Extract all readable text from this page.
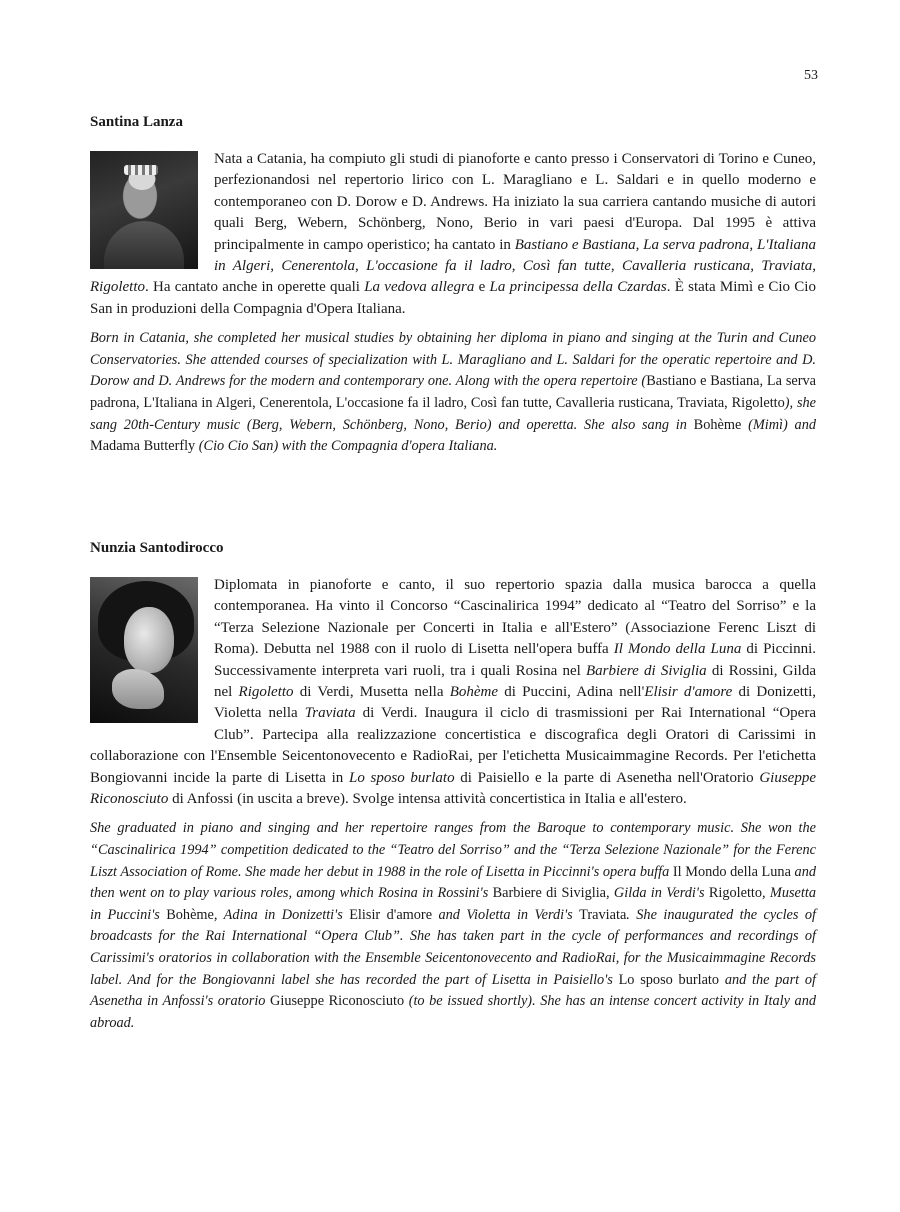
53
Santina Lanza

Nata a Catania, ha compiuto gli studi di pianoforte e canto presso i Conservatori di Torino e Cuneo, perfezionandosi nel repertorio lirico con L. Maragliano e L. Saldari e in quello moderno e contemporaneo con D. Dorow e D. Andrews. Ha iniziato la sua carriera cantando musiche di autori quali Berg, Webern, Schönberg, Nono, Berio in vari paesi d'Europa. Dal 1995 è attiva principalmente in campo operistico; ha cantato in Bastiano e Bastiana, La serva padrona, L'Italiana in Algeri, Cenerentola, L'occasione fa il ladro, Così fan tutte, Cavalleria rusticana, Traviata, Rigoletto. Ha cantato anche in operette quali La vedova allegra e La principessa della Czardas. È stata Mimì e Cio Cio San in produzioni della Compagnia d'Opera Italiana.

Born in Catania, she completed her musical studies by obtaining her diploma in piano and singing at the Turin and Cuneo Conservatories. She attended courses of specialization with L. Maragliano and L. Saldari for the operatic repertoire and D. Dorow and D. Andrews for the modern and contemporary one. Along with the opera repertoire (Bastiano e Bastiana, La serva padrona, L'Italiana in Algeri, Cenerentola, L'occasione fa il ladro, Così fan tutte, Cavalleria rusticana, Traviata, Rigoletto), she sang 20th-Century music (Berg, Webern, Schönberg, Nono, Berio) and operetta. She also sang in Bohème (Mimì) and Madama Butterfly (Cio Cio San) with the Compagnia d'opera Italiana.

Nunzia Santodirocco

Diplomata in pianoforte e canto, il suo repertorio spazia dalla musica barocca a quella contemporanea. Ha vinto il Concorso “Cascinalirica 1994” dedicato al “Teatro del Sorriso” e la “Terza Selezione Nazionale per Concerti in Italia e all'Estero” (Associazione Ferenc Liszt di Roma). Debutta nel 1988 con il ruolo di Lisetta nell'opera buffa Il Mondo della Luna di Piccinni. Successivamente interpreta vari ruoli, tra i quali Rosina nel Barbiere di Siviglia di Rossini, Gilda nel Rigoletto di Verdi, Musetta nella Bohème di Puccini, Adina nell'Elisir d'amore di Donizetti, Violetta nella Traviata di Verdi. Inaugura il ciclo di trasmissioni per Rai International “Opera Club”. Partecipa alla realizzazione concertistica e discografica degli Oratori di Carissimi in collaborazione con l'Ensemble Seicentonovecento e RadioRai, per l'etichetta Musicaimmagine Records. Per l'etichetta Bongiovanni incide la parte di Lisetta in Lo sposo burlato di Paisiello e la parte di Asenetha nell'Oratorio Giuseppe Riconosciuto di Anfossi (in uscita a breve). Svolge intensa attività concertistica in Italia e all'estero.

She graduated in piano and singing and her repertoire ranges from the Baroque to contemporary music. She won the “Cascinalirica 1994” competition dedicated to the “Teatro del Sorriso” and the “Terza Selezione Nazionale” for the Ferenc Liszt Association of Rome. She made her debut in 1988 in the role of Lisetta in Piccinni's opera buffa Il Mondo della Luna and then went on to play various roles, among which Rosina in Rossini's Barbiere di Siviglia, Gilda in Verdi's Rigoletto, Musetta in Puccini's Bohème, Adina in Donizetti's Elisir d'amore and Violetta in Verdi's Traviata. She inaugurated the cycles of broadcasts for the Rai International “Opera Club”. She has taken part in the cycle of performances and recordings of Carissimi's oratorios in collaboration with the Ensemble Seicentonovecento and RadioRai, for the Musicaimmagine Records label. And for the Bongiovanni label she has recorded the part of Lisetta in Paisiello's Lo sposo burlato and the part of Asenetha in Anfossi's oratorio Giuseppe Riconosciuto (to be issued shortly). She has an intense concert activity in Italy and abroad.
